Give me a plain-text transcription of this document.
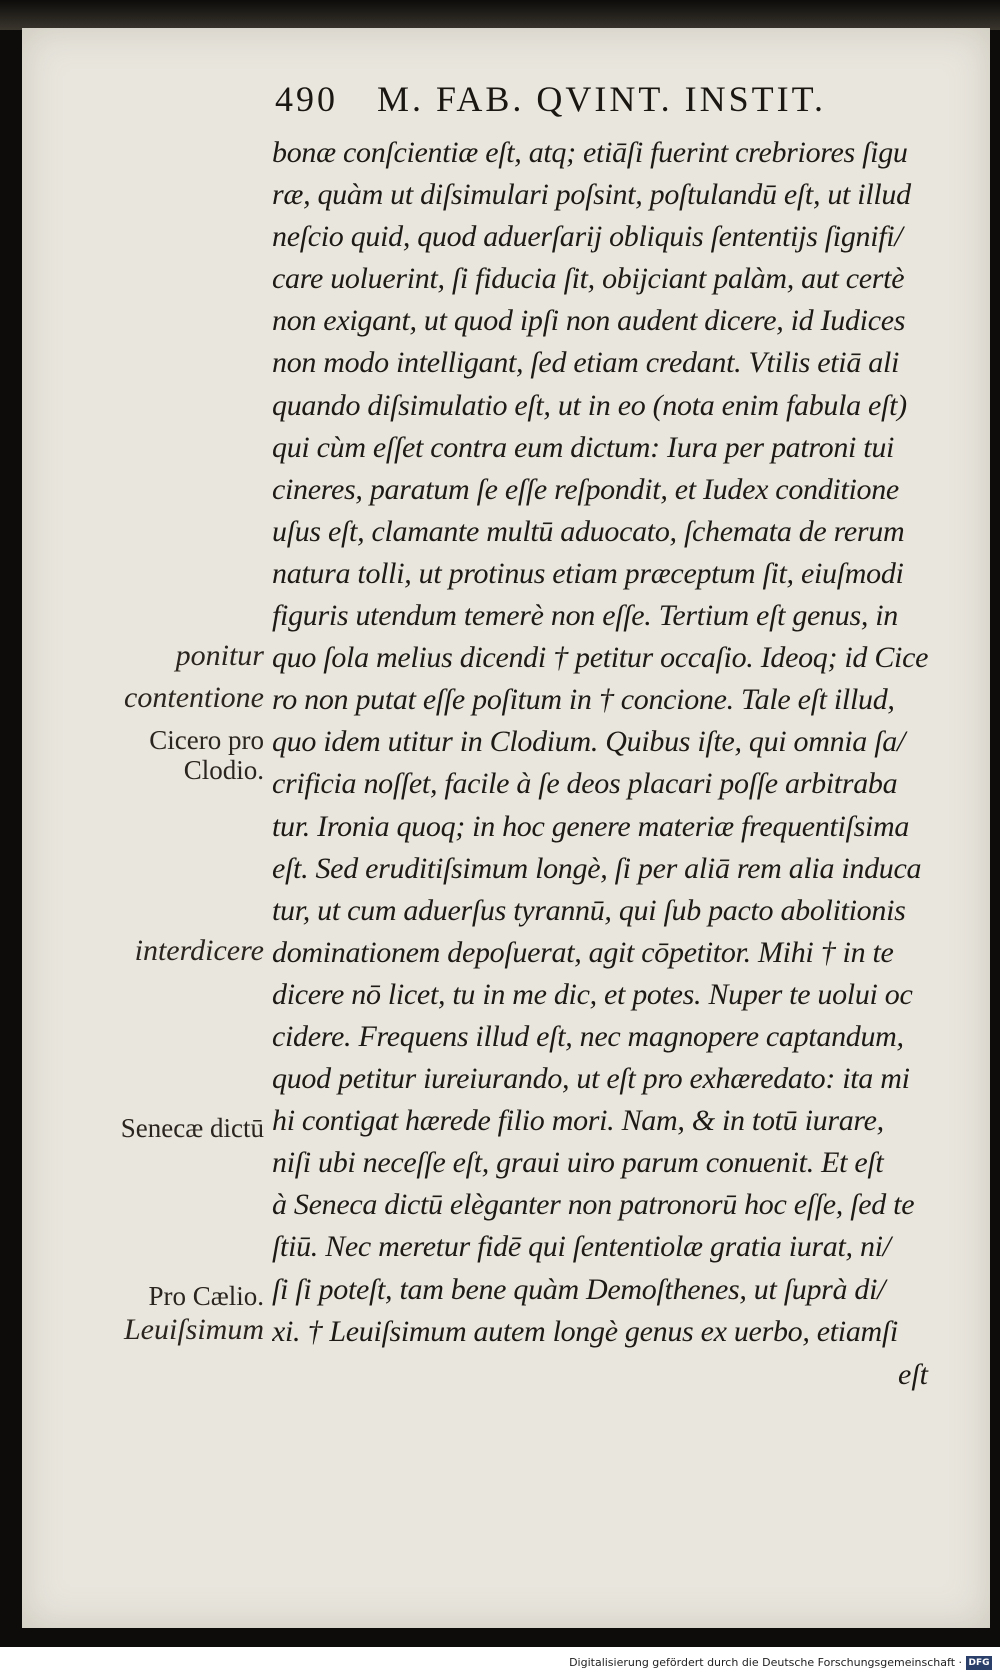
490 M. FAB. QVINT. INSTIT.
bonæ conſcientiæ eſt, atq; etiāſi fuerint crebriores ſigu
ræ, quàm ut diſsimulari poſsint, poſtulandū eſt, ut illud
neſcio quid, quod aduerſarij obliquis ſententijs ſignifi/
care uoluerint, ſi fiducia ſit, obijciant palàm, aut certè
non exigant, ut quod ipſi non audent dicere, id Iudices
non modo intelligant, ſed etiam credant. Vtilis etiā ali
quando diſsimulatio eſt, ut in eo (nota enim fabula eſt)
qui cùm eſſet contra eum dictum: Iura per patroni tui
cineres, paratum ſe eſſe reſpondit, et Iudex conditione
uſus eſt, clamante multū aduocato, ſchemata de rerum
natura tolli, ut protinus etiam præceptum ſit, eiuſmodi
figuris utendum temerè non eſſe. Tertium eſt genus, in
quo ſola melius dicendi † petitur occaſio. Ideoq; id Cice
ro non putat eſſe poſitum in † concione. Tale eſt illud,
quo idem utitur in Clodium. Quibus iſte, qui omnia ſa/
crificia noſſet, facile à ſe deos placari poſſe arbitraba
tur. Ironia quoq; in hoc genere materiæ frequentiſsima
eſt. Sed eruditiſsimum longè, ſi per aliā rem alia induca
tur, ut cum aduerſus tyrannū, qui ſub pacto abolitionis
dominationem depoſuerat, agit cōpetitor. Mihi † in te
dicere nō licet, tu in me dic, et potes. Nuper te uolui oc
cidere. Frequens illud eſt, nec magnopere captandum,
quod petitur iureiurando, ut eſt pro exhæredato: ita mi
hi contigat hærede filio mori. Nam, & in totū iurare,
niſi ubi neceſſe eſt, graui uiro parum conuenit. Et eſt
à Seneca dictū elèganter non patronorū hoc eſſe, ſed te
ſtiū. Nec meretur fidē qui ſententiolæ gratia iurat, ni/
ſi ſi poteſt, tam bene quàm Demoſthenes, ut ſuprà di/
xi. † Leuiſsimum autem longè genus ex uerbo, etiamſi
eſt
ponitur
contentione
Cicero pro
Clodio.
interdicere
Senecæ dictū
Pro Cælio.
Leuiſsimum
Digitalisierung gefördert durch die Deutsche Forschungsgemeinschaft · DFG
